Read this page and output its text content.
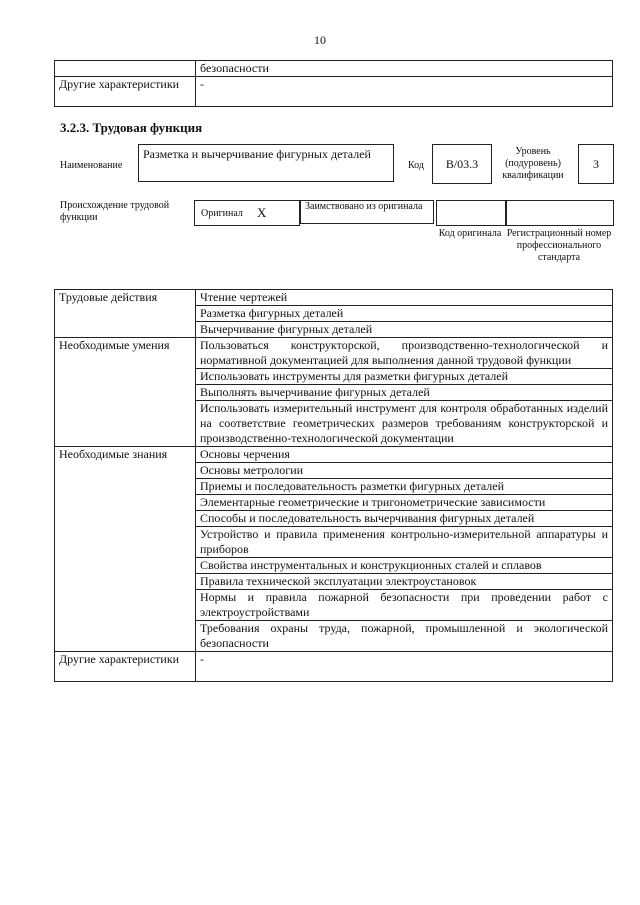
10
	безопасности
Другие характеристики	-
3.2.3. Трудовая функция
Наименование
Разметка и вычерчивание фигурных деталей
Код	B/03.3
Уровень (подуровень) квалификации
3
Происхождение трудовой функции	Оригинал X	Заимствовано из оригинала
Код оригинала Регистрационный номер профессионального стандарта
Трудовые действия	Чтение чертежей
	Разметка фигурных деталей
	Вычерчивание фигурных деталей
Необходимые умения	Пользоваться конструкторской, производственно-технологической и нормативной документацией для выполнения данной трудовой функции
	Использовать инструменты для разметки фигурных деталей
	Выполнять вычерчивание фигурных деталей
	Использовать измерительный инструмент для контроля обработанных изделий на соответствие геометрических размеров требованиям конструкторской и производственно-технологической документации
Необходимые знания	Основы черчения
	Основы метрологии
	Приемы и последовательность разметки фигурных деталей
	Элементарные геометрические и тригонометрические зависимости
	Способы и последовательность вычерчивания фигурных деталей
	Устройство и правила применения контрольно-измерительной аппаратуры и приборов
	Свойства инструментальных и конструкционных сталей и сплавов
	Правила технической эксплуатации электроустановок
	Нормы и правила пожарной безопасности при проведении работ с электроустройствами
	Требования охраны труда, пожарной, промышленной и экологической безопасности
Другие характеристики	-
